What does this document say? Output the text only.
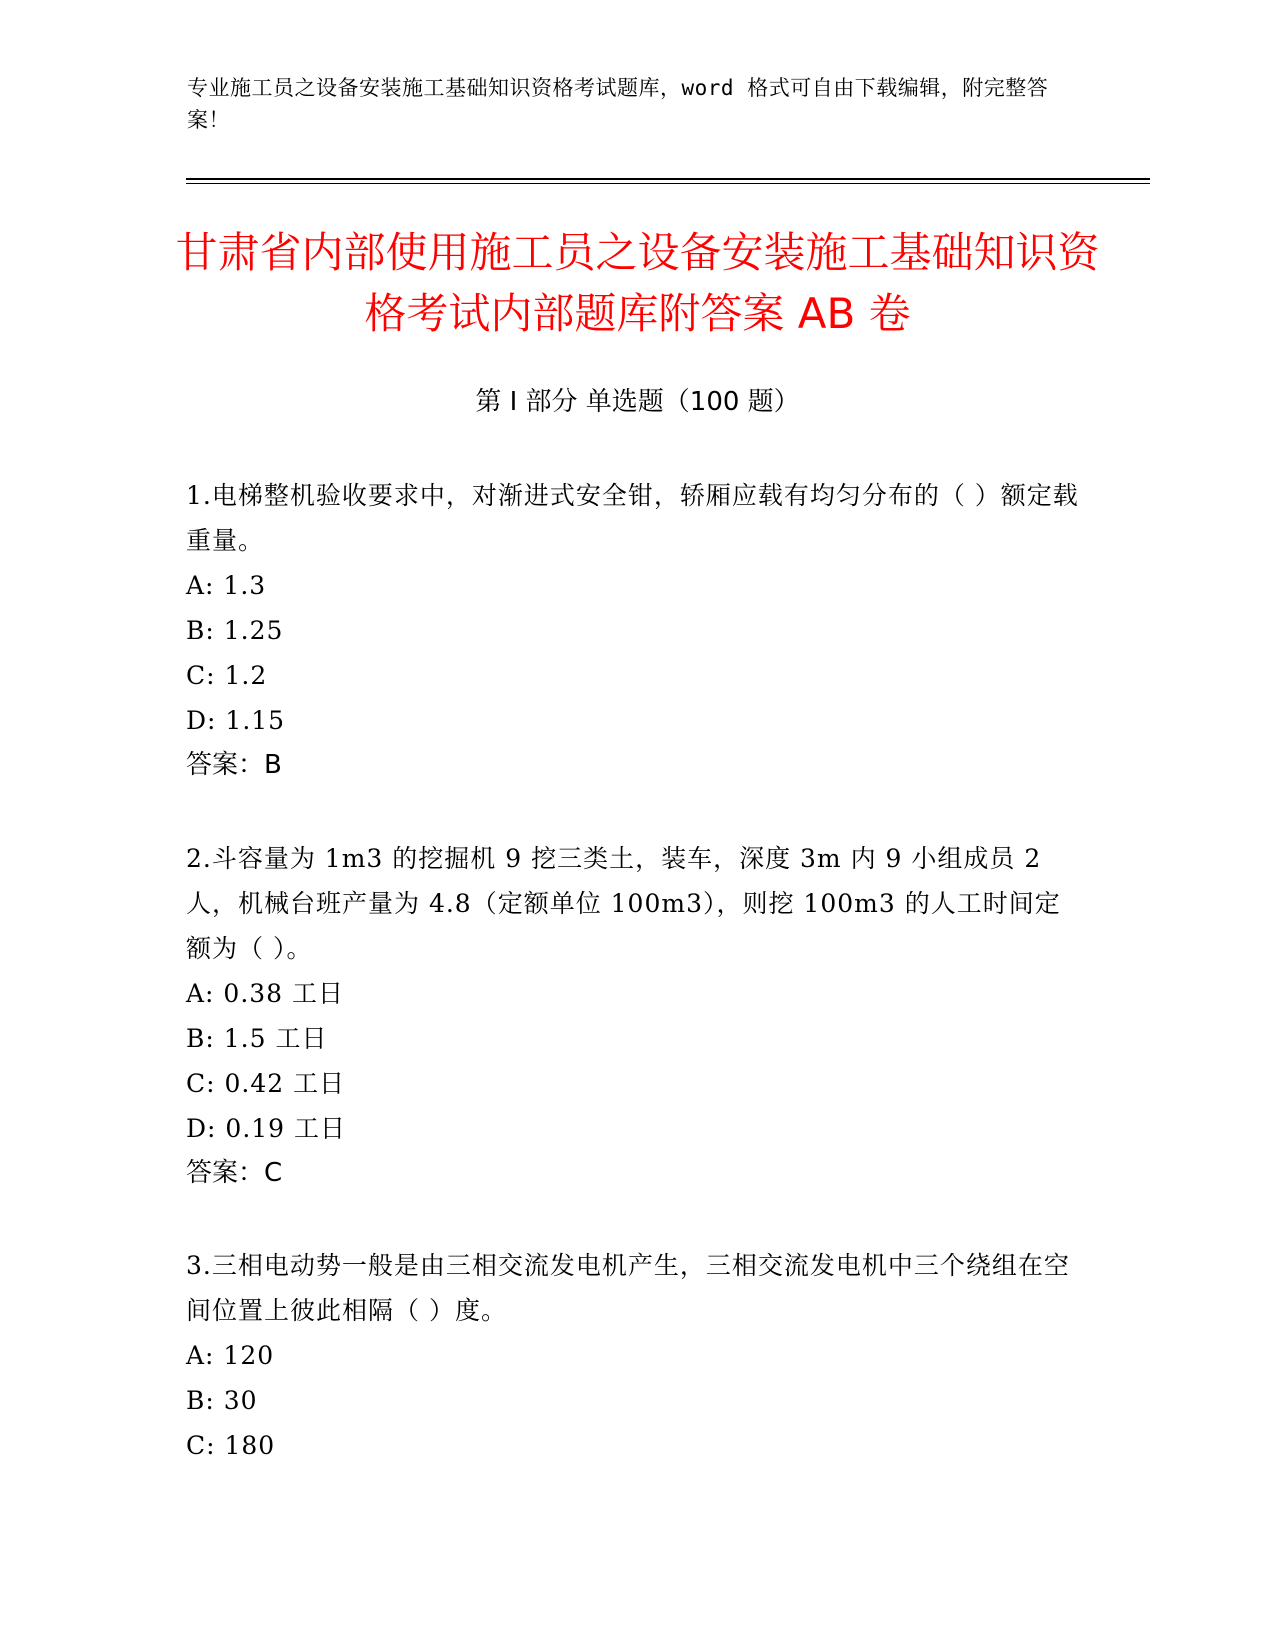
专业施工员之设备安装施工基础知识资格考试题库，word 格式可自由下载编辑，附完整答案！
甘肃省内部使用施工员之设备安装施工基础知识资格考试内部题库附答案 AB 卷
第 I 部分 单选题（100 题）

1.电梯整机验收要求中，对渐进式安全钳，轿厢应载有均匀分布的（ ）额定载重量。

A: 1.3

B: 1.25

C: 1.2

D: 1.15

答案：B

2.斗容量为 1m3 的挖掘机 9 挖三类土，装车，深度 3m 内 9 小组成员 2 人，机械台班产量为 4.8（定额单位 100m3），则挖 100m3 的人工时间定额为（ ）。

A: 0.38 工日

B: 1.5 工日

C: 0.42 工日

D: 0.19 工日

答案：C

3.三相电动势一般是由三相交流发电机产生，三相交流发电机中三个绕组在空间位置上彼此相隔（ ）度。

A: 120

B: 30

C: 180
